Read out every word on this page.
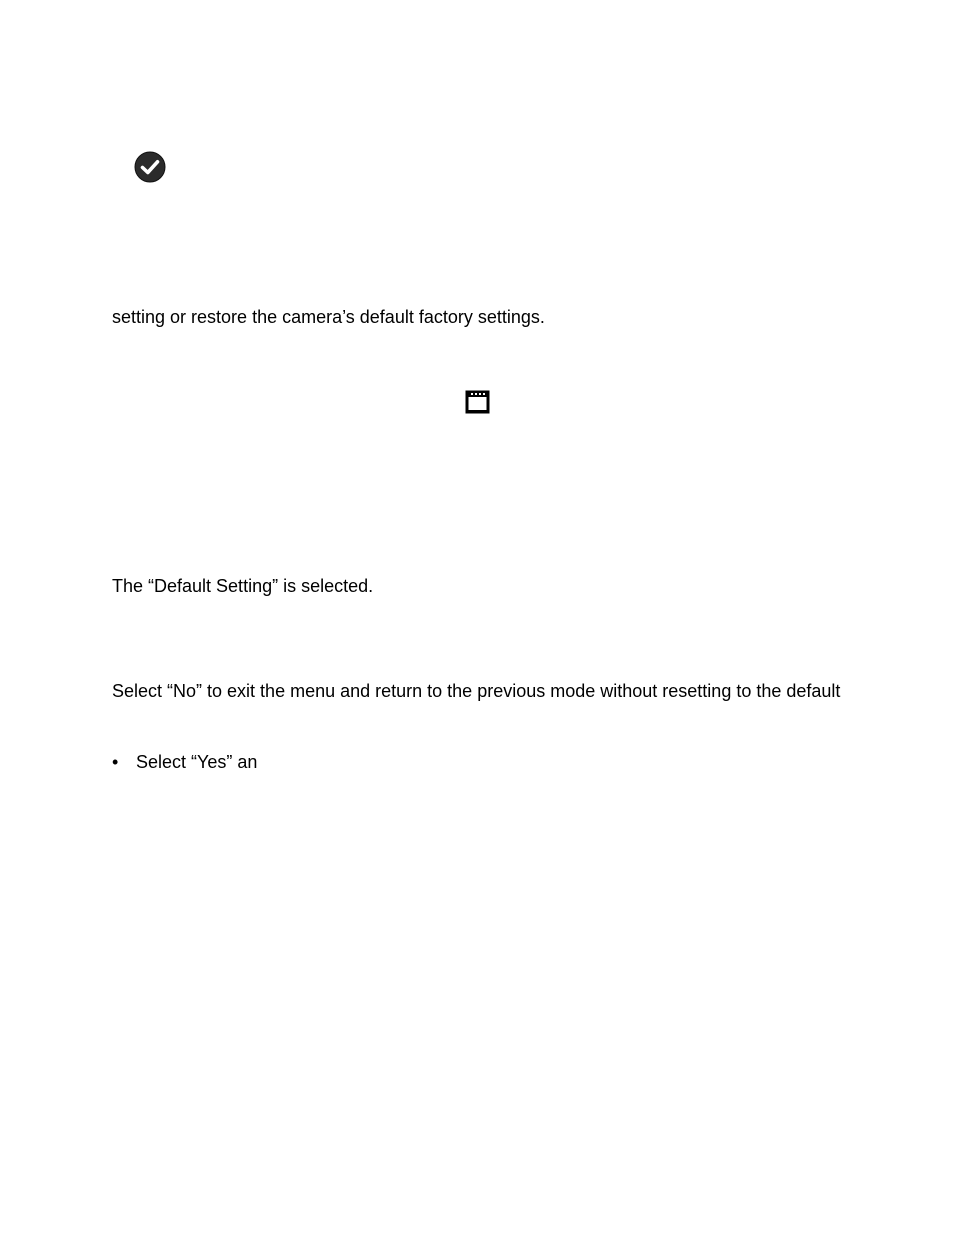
setting or restore the camera’s default factory settings.
The “Default Setting” is selected.
Select “No” to exit the menu and return to the previous mode without resetting to the default
• Select “Yes” an
